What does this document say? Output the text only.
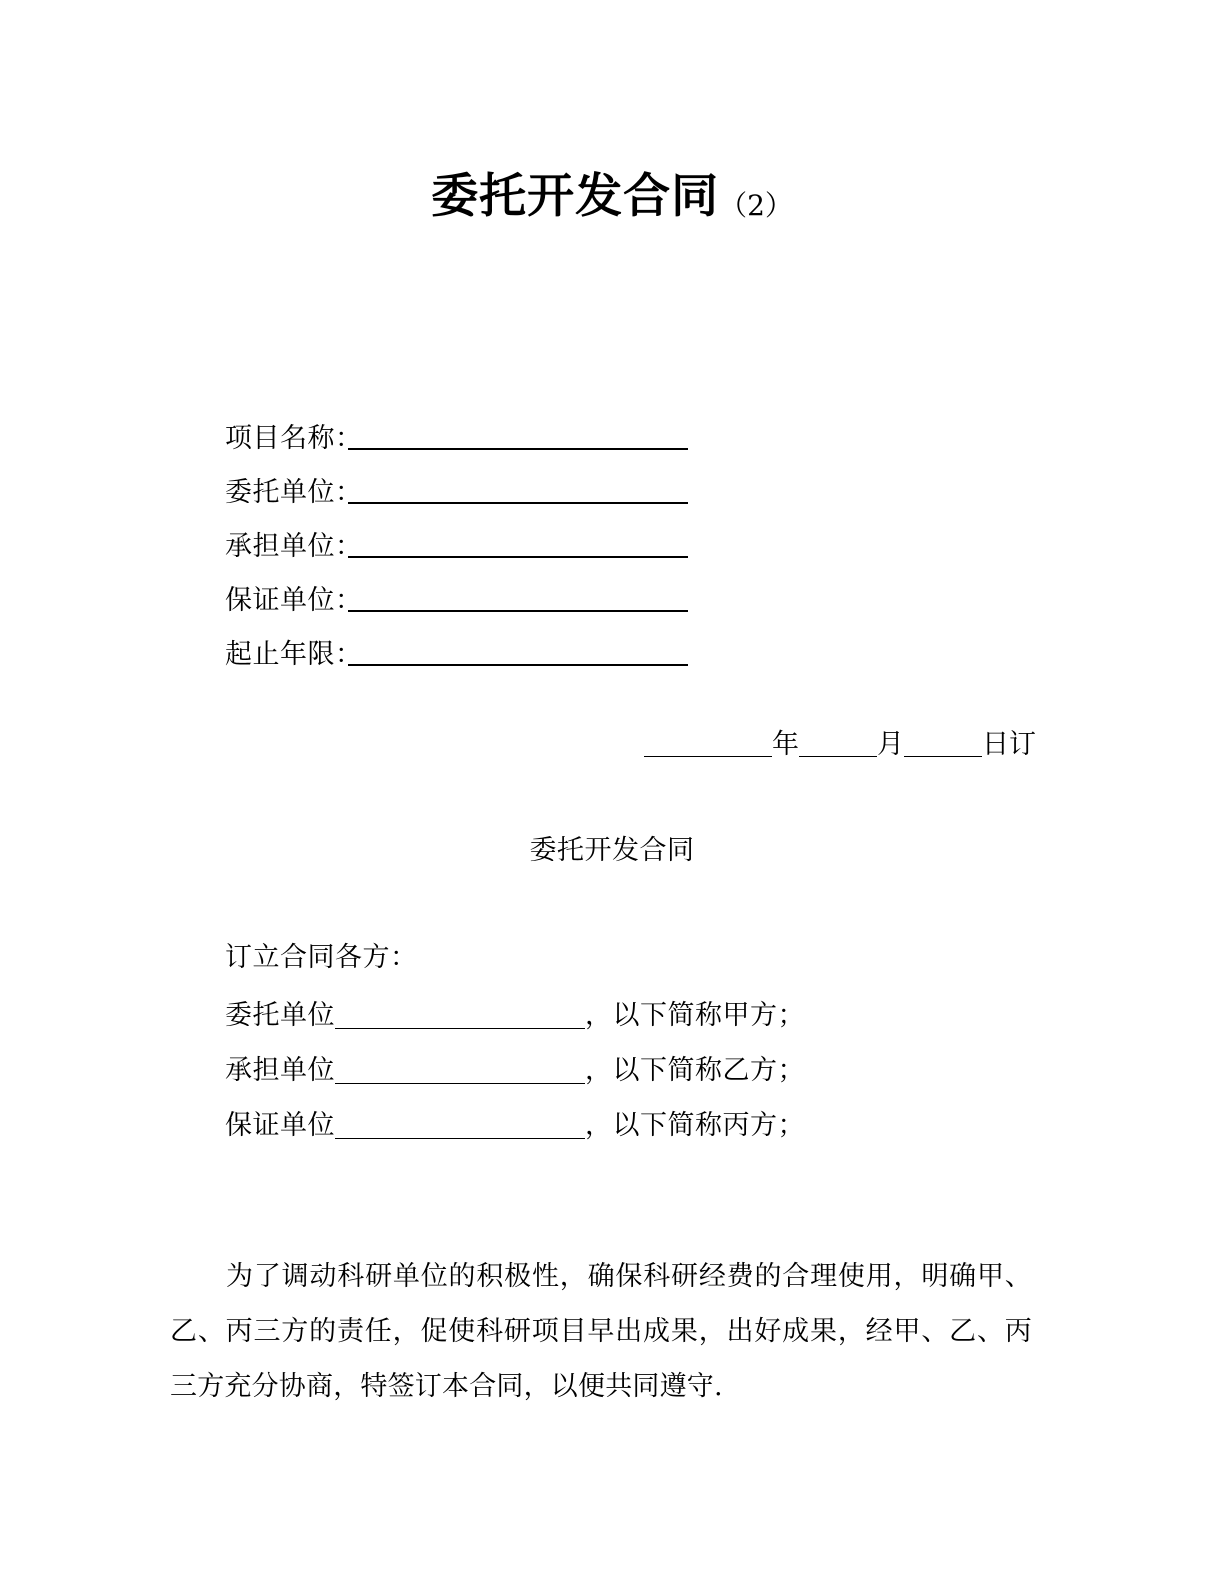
委托开发合同（2）
项目名称：
委托单位：
承担单位：
保证单位：
起止年限：
年	月	日订
委托开发合同
订立合同各方：
委托单位	，以下简称甲方；
承担单位	，以下简称乙方；
保证单位	，以下简称丙方；

为了调动科研单位的积极性，确保科研经费的合理使用，明确甲、乙、丙三方的责任，促使科研项目早出成果，出好成果，经甲、乙、丙三方充分协商，特签订本合同，以便共同遵守.
